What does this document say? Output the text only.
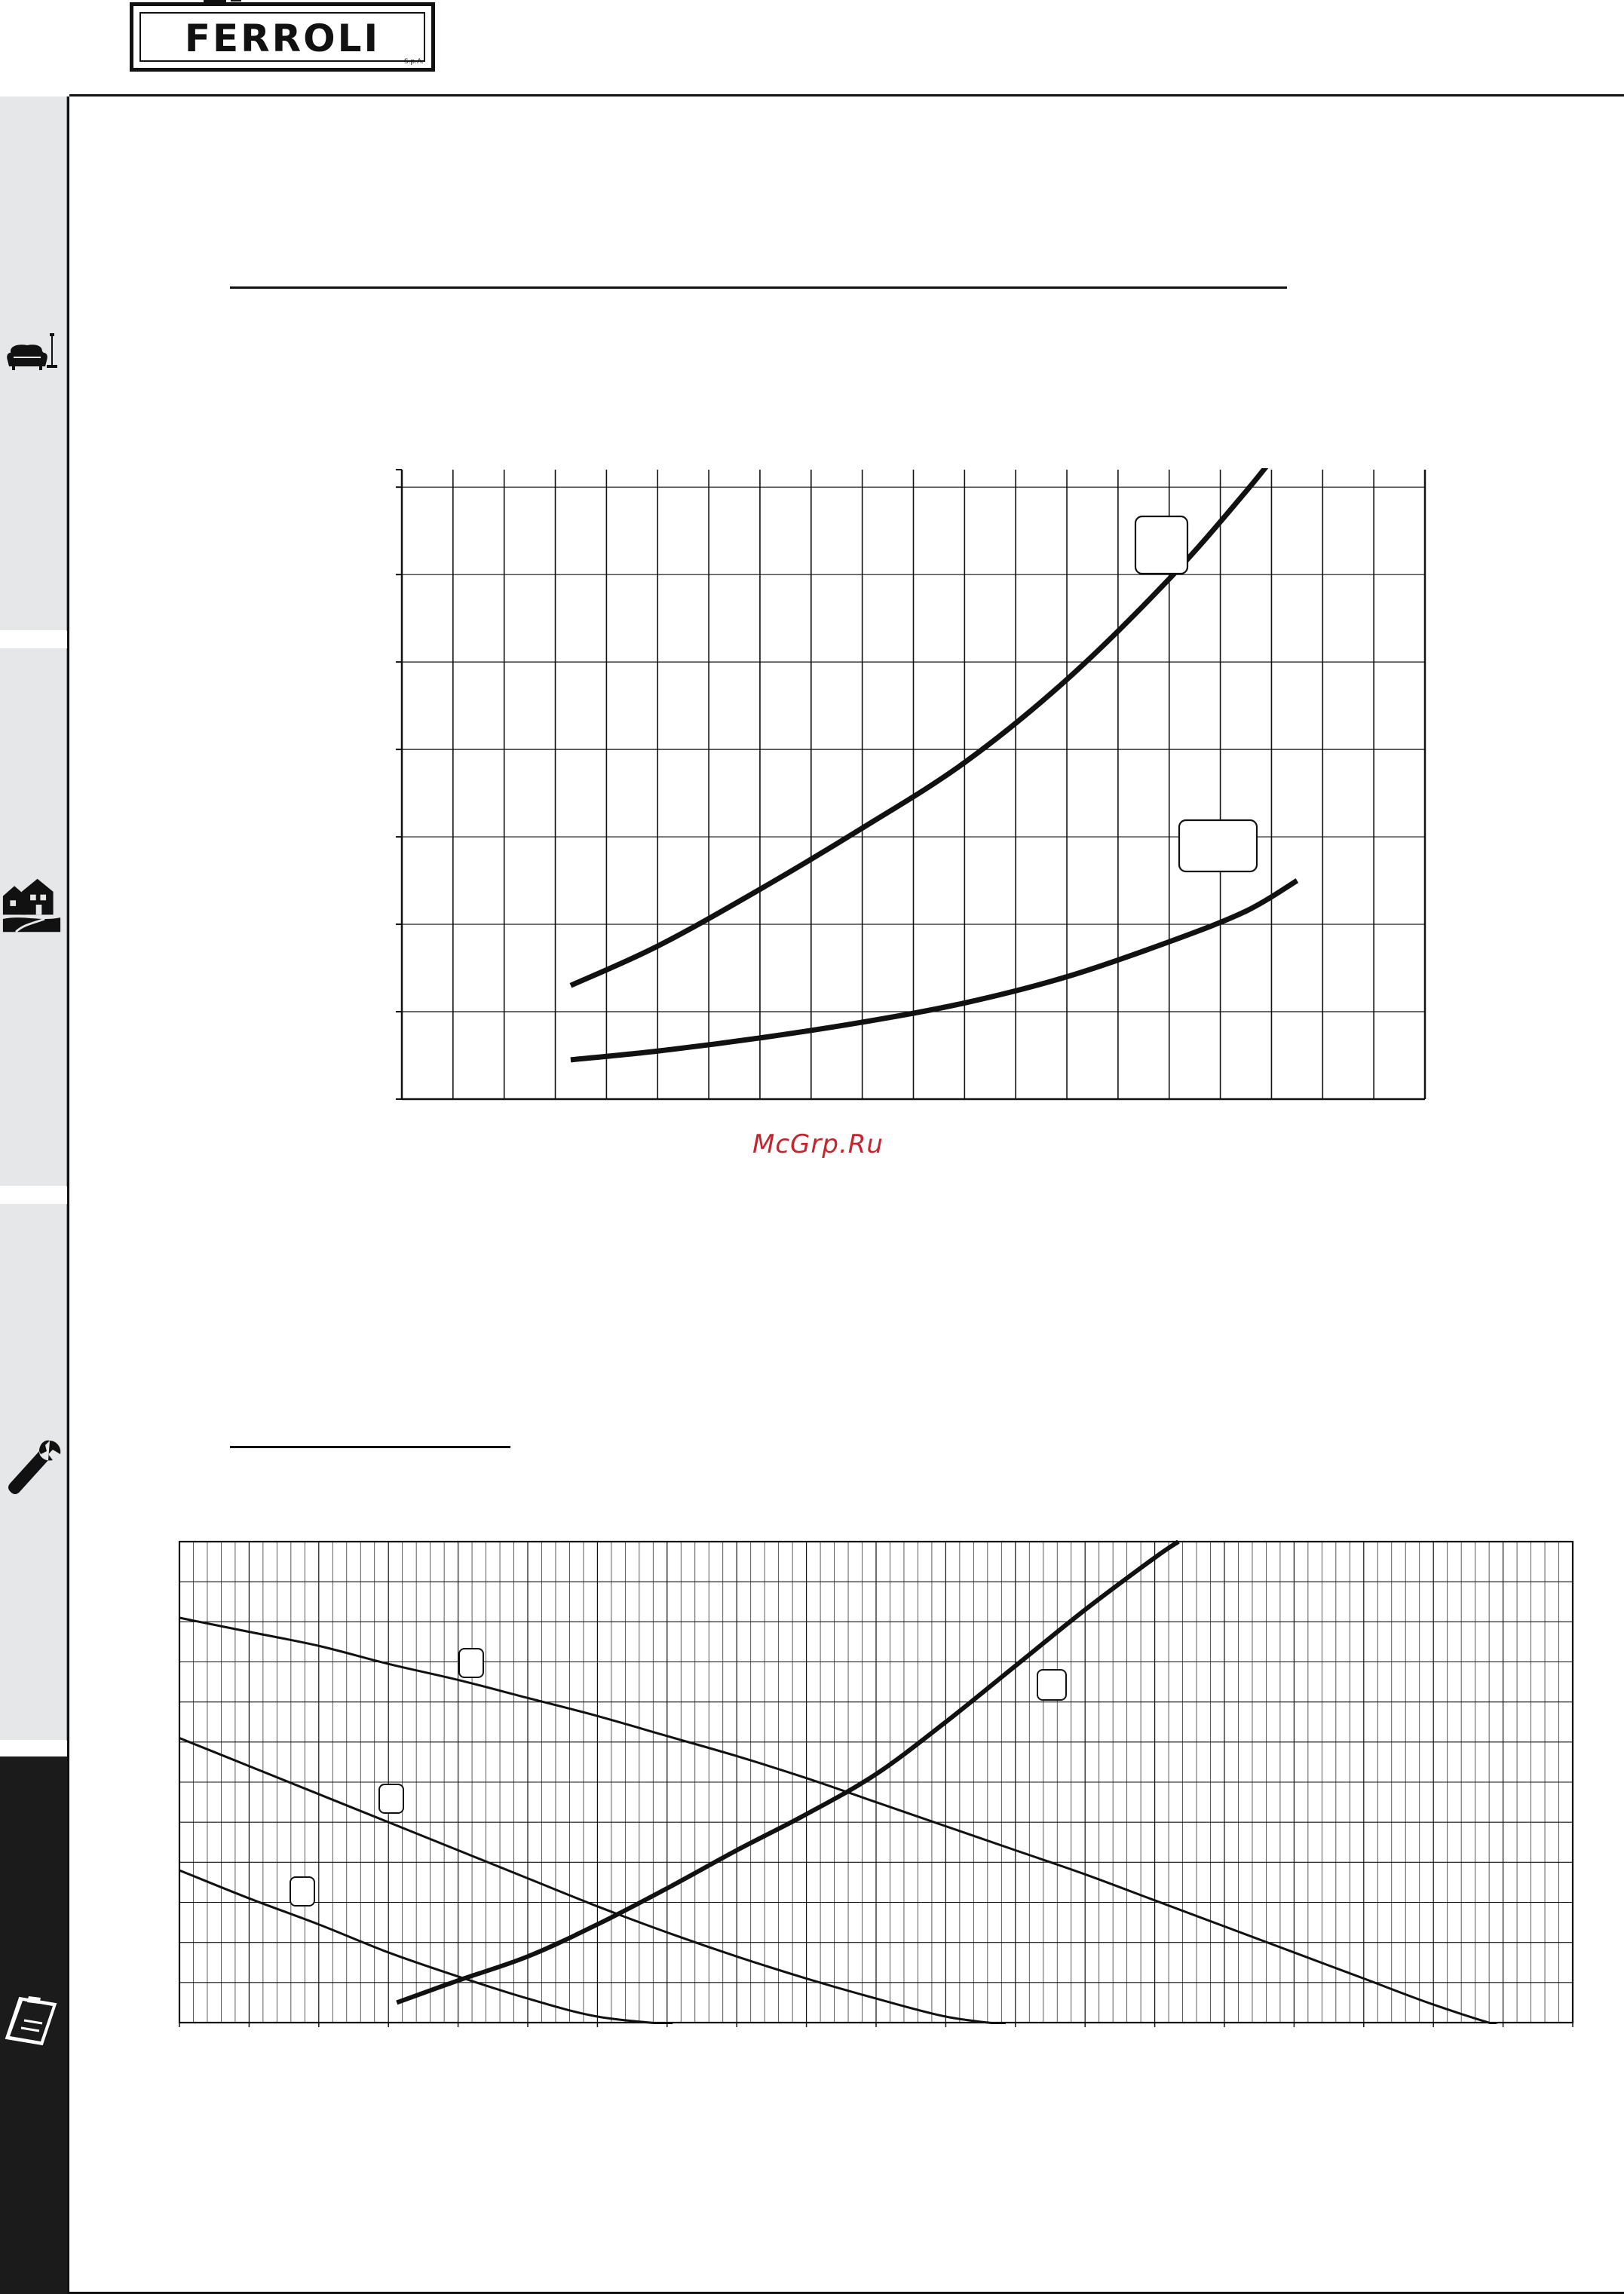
FERROLI
S.p.A.
McGrp.Ru
